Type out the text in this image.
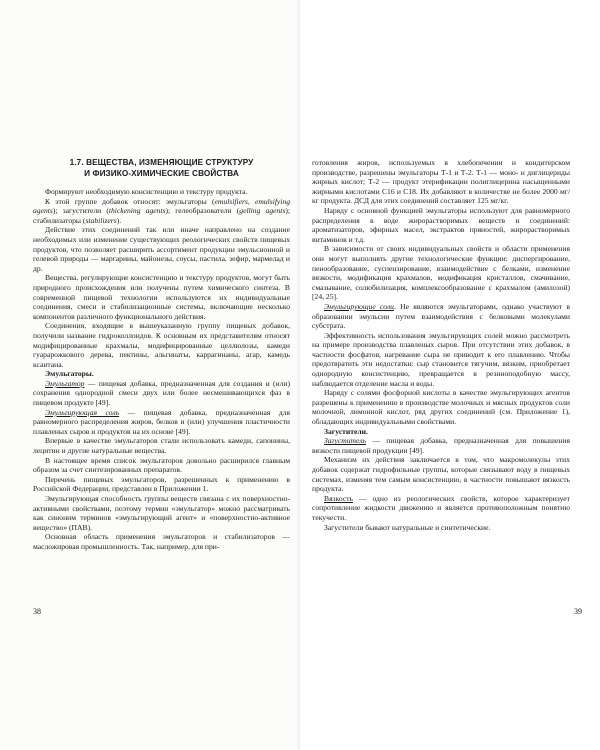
1.7. ВЕЩЕСТВА, ИЗМЕНЯЮЩИЕ СТРУКТУРУ
И ФИЗИКО-ХИМИЧЕСКИЕ СВОЙСТВА

Формируют необходимую консистенцию и текстуру продукта.

К этой группе добавок относят: эмульгаторы (emulsifiers, emulsifying agents); загустители (thickening agents); гелеобразователи (gelling agents); стабилизаторы (stabilizers).

Действие этих соединений так или иначе направлено на создание необходимых или изменение существующих реологических свойств пищевых продуктов, что позволяет расширить ассортимент продукции эмульсионной и гелевой природы — маргарины, майонезы, соусы, пастила, зефир, мармелад и др.

Вещества, регулирующие консистенцию и текстуру продуктов, могут быть природного происхождения или получены путем химического синтеза. В современной пищевой технологии используются их индивидуальные соединения, смеси и стабилизационные системы, включающие несколько компонентов различного функционального действия.

Соединения, входящие в вышеуказанную группу пищевых добавок, получили название гидроколлоидов. К основным их представителям относят модифицированные крахмалы, модифицированные целлюлозы, камеди гуарарожкового дерева, пектины, альгинаты, каррагинаны, агар, камедь ксантана.

Эмульгаторы.

Эмульгатор — пищевая добавка, предназначенная для создания и (или) сохранения однородной смеси двух или более несмешивающихся фаз в пищевом продукте [49].

Эмульгирующая соль — пищевая добавка, предназначенная для равномерного распределения жиров, белков и (или) улучшения пластичности плавленых сыров и продуктов на их основе [49].

Впервые в качестве эмульгаторов стали использовать камеди, сапонины, лецитин и другие натуральные вещества.

В настоящее время список эмульгаторов довольно расширился главным образом за счет синтезированных препаратов.

Перечень пищевых эмульгаторов, разрешенных к применению в Российской Федерации, представлен в Приложении 1.

Эмульгирующая способность группы веществ связана с их поверхностно-активными свойствами, поэтому термин «эмульгатор» можно рассматривать как синоним терминов «эмульгирующий агент» и «поверхностно-активное вещество» (ПАВ).

Основная область применения эмульгаторов и стабилизаторов — масложировая промышленность. Так, например, для при-

готовления жиров, используемых в хлебопечении и кондитерском производстве, разрешены эмульгаторы Т-1 и Т-2. Т-1 — моно- и диглицериды жирных кислот; Т-2 — продукт этерификации полиглицерина насыщенными жирными кислотами С16 и С18. Их добавляют в количестве не более 2000 мг/кг продукта. ДСД для этих соединений составляет 125 мг/кг.

Наряду с основной функцией эмульгаторы используют для равномерного распределения в воде жирорастворимых веществ и соединений: ароматизаторов, эфирных масел, экстрактов пряностей, жирорастворимых витаминов и т.д.

В зависимости от своих индивидуальных свойств и области применения они могут выполнять другие технологические функции: диспергирование, пенообразование, суспензирование, взаимодействие с белками, изменение вязкости, модификация крахмалов, модификация кристаллов, смачивание, смазывание, солюбилизация, комплексообразование с крахмалом (амилозой) [24, 25].

Эмульгирующие соли. Не являются эмульгаторами, однако участвуют в образовании эмульсии путем взаимодействия с белковыми молекулами субстрата.

Эффективность использования эмульгирующих солей можно рассмотреть на примере производства плавленых сыров. При отсутствии этих добавок, в частности фосфатов, нагревание сыра не приводит к его плавлению. Чтобы предотвратить эти недостатки: сыр становится тягучим, вязким, приобретает однородную консистенцию, превращается в резиноподобную массу, наблюдается отделение масла и воды.

Наряду с солями фосфорной кислоты в качестве эмульгирующих агентов разрешены к применению в производстве молочных и мясных продуктов соли молочной, лимонной кислот, ряд других соединений (см. Приложение 1), обладающих индивидуальными свойствами.

Загустители.

Загуститель — пищевая добавка, предназначенная для повышения вязкости пищевой продукции [49].

Механизм их действия заключается в том, что макромолекулы этих добавок содержат гидрофильные группы, которые связывают воду в пищевых системах, изменяя тем самым консистенцию, в частности повышают вязкость продукта.

Вязкость — одно из реологических свойств, которое характеризует сопротивление жидкости движению и является противоположным понятию текучести.

Загустители бывают натуральные и синтетические.

38	39
